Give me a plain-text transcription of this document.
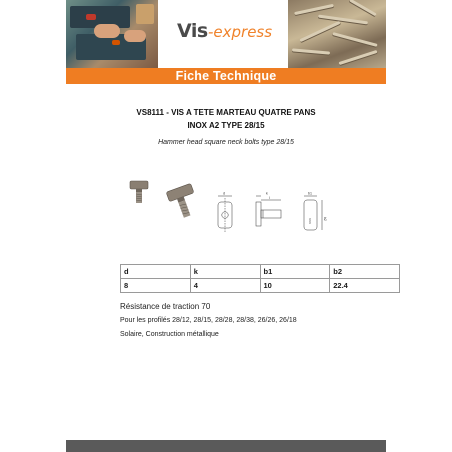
Vis -express
Fiche Technique
VS8111 - VIS A TETE MARTEAU QUATRE PANS
INOX A2 TYPE 28/15
Hammer head square neck bolts type 28/15
d	k
l
b1
b2
XXX
d	k	b1	b2
8	4	10	22.4
Résistance de traction 70
Pour les profilés 28/12, 28/15, 28/28, 28/38, 26/26, 26/18
Solaire, Construction métallique
